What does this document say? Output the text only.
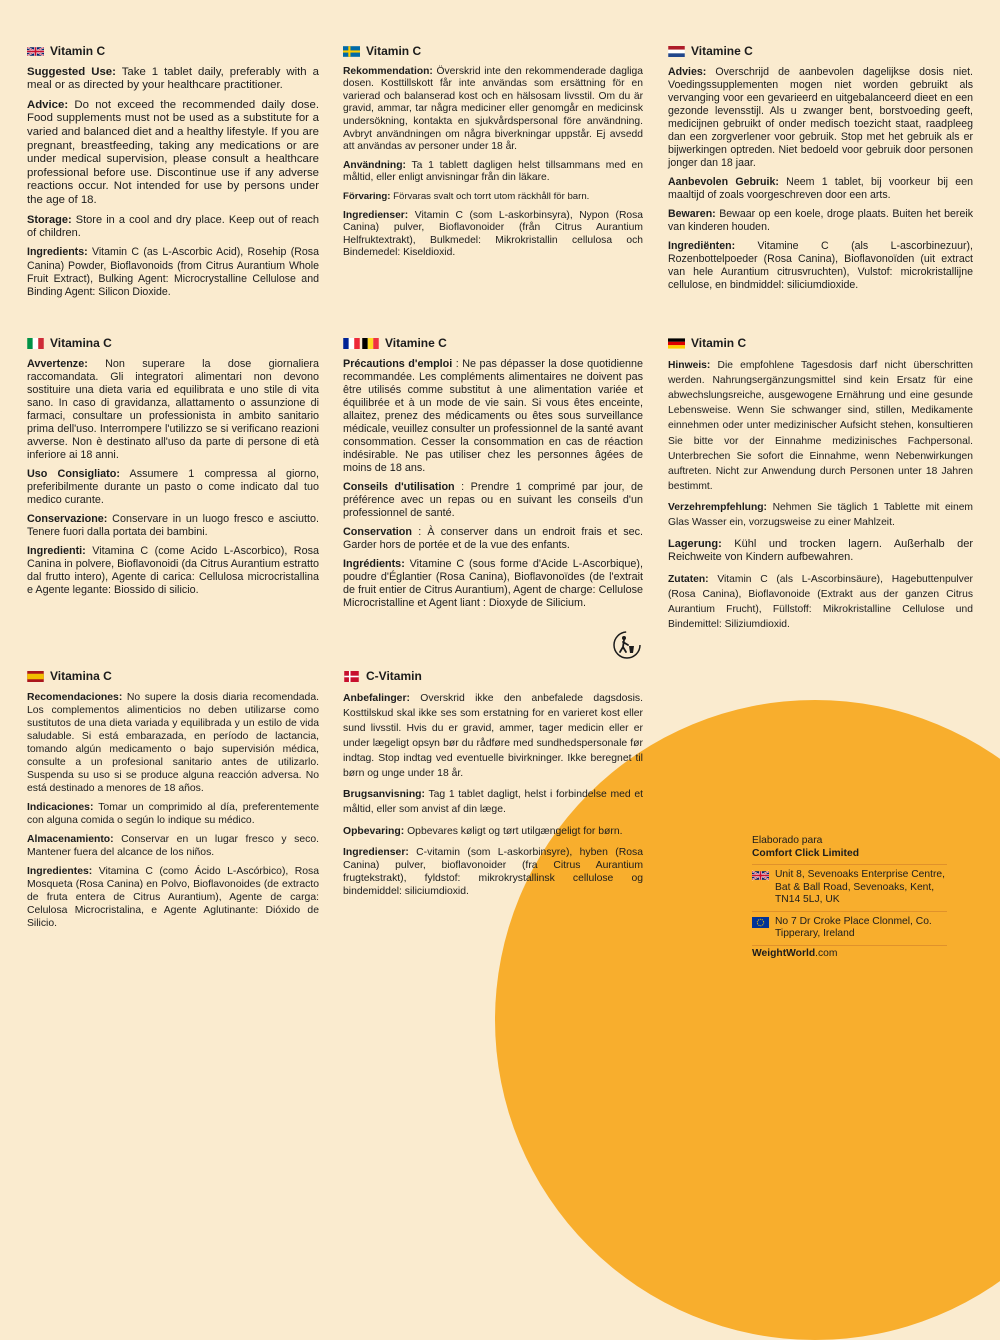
Vitamin C

Suggested Use: Take 1 tablet daily, preferably with a meal or as directed by your healthcare practitioner.

Advice: Do not exceed the recommended daily dose. Food supplements must not be used as a substitute for a varied and balanced diet and a healthy lifestyle. If you are pregnant, breastfeeding, taking any medications or are under medical supervision, please consult a healthcare professional before use. Discontinue use if any adverse reactions occur. Not intended for use by persons under the age of 18.

Storage: Store in a cool and dry place. Keep out of reach of children.

Ingredients: Vitamin C (as L-Ascorbic Acid), Rosehip (Rosa Canina) Powder, Bioflavonoids (from Citrus Aurantium Whole Fruit Extract), Bulking Agent: Microcrystalline Cellulose and Binding Agent: Silicon Dioxide.

Vitamin C

Rekommendation: Överskrid inte den rekommenderade dagliga dosen. Kosttillskott får inte användas som ersättning för en varierad och balanserad kost och en hälsosam livsstil. Om du är gravid, ammar, tar några mediciner eller genomgår en medicinsk undersökning, kontakta en sjukvårdspersonal före användning. Avbryt användningen om några biverkningar uppstår. Ej avsedd att användas av personer under 18 år.

Användning: Ta 1 tablett dagligen helst tillsammans med en måltid, eller enligt anvisningar från din läkare.

Förvaring: Förvaras svalt och torrt utom räckhåll för barn.

Ingredienser: Vitamin C (som L-askorbinsyra), Nypon (Rosa Canina) pulver, Bioflavonoider (från Citrus Aurantium Helfruktextrakt), Bulkmedel: Mikrokristallin cellulosa och Bindemedel: Kiseldioxid.

Vitamine C

Advies: Overschrijd de aanbevolen dagelijkse dosis niet. Voedingssupplementen mogen niet worden gebruikt als vervanging voor een gevarieerd en uitgebalanceerd dieet en een gezonde levensstijl. Als u zwanger bent, borstvoeding geeft, medicijnen gebruikt of onder medisch toezicht staat, raadpleeg dan een zorgverlener voor gebruik. Stop met het gebruik als er bijwerkingen optreden. Niet bedoeld voor gebruik door personen jonger dan 18 jaar.

Aanbevolen Gebruik: Neem 1 tablet, bij voorkeur bij een maaltijd of zoals voorgeschreven door een arts.

Bewaren: Bewaar op een koele, droge plaats. Buiten het bereik van kinderen houden.

Ingrediënten: Vitamine C (als L-ascorbinezuur), Rozenbottelpoeder (Rosa Canina), Bioflavonoïden (uit extract van hele Aurantium citrusvruchten), Vulstof: microkristallijne cellulose, en bindmiddel: siliciumdioxide.

Vitamina C

Avvertenze: Non superare la dose giornaliera raccomandata. Gli integratori alimentari non devono sostituire una dieta varia ed equilibrata e uno stile di vita sano. In caso di gravidanza, allattamento o assunzione di farmaci, consultare un professionista in ambito sanitario prima dell'uso. Interrompere l'utilizzo se si verificano reazioni avverse. Non è destinato all'uso da parte di persone di età inferiore ai 18 anni.

Uso Consigliato: Assumere 1 compressa al giorno, preferibilmente durante un pasto o come indicato dal tuo medico curante.

Conservazione: Conservare in un luogo fresco e asciutto. Tenere fuori dalla portata dei bambini.

Ingredienti: Vitamina C (come Acido L-Ascorbico), Rosa Canina in polvere, Bioflavonoidi (da Citrus Aurantium estratto dal frutto intero), Agente di carica: Cellulosa microcristallina e Agente legante: Biossido di silicio.

Vitamine C

Précautions d'emploi : Ne pas dépasser la dose quotidienne recommandée. Les compléments alimentaires ne doivent pas être utilisés comme substitut à une alimentation variée et équilibrée et à un mode de vie sain. Si vous êtes enceinte, allaitez, prenez des médicaments ou êtes sous surveillance médicale, veuillez consulter un professionnel de la santé avant consommation. Cesser la consommation en cas de réaction indésirable. Ne pas utiliser chez les personnes âgées de moins de 18 ans.

Conseils d'utilisation : Prendre 1 comprimé par jour, de préférence avec un repas ou en suivant les conseils d'un professionnel de santé.

Conservation : À conserver dans un endroit frais et sec. Garder hors de portée et de la vue des enfants.

Ingrédients: Vitamine C (sous forme d'Acide L-Ascorbique), poudre d'Églantier (Rosa Canina), Bioflavonoïdes (de l'extrait de fruit entier de Citrus Aurantium), Agent de charge: Cellulose Microcristalline et Agent liant : Dioxyde de Silicium.

Vitamin C

Hinweis: Die empfohlene Tagesdosis darf nicht überschritten werden. Nahrungsergänzungsmittel sind kein Ersatz für eine abwechslungsreiche, ausgewogene Ernährung und eine gesunde Lebensweise. Wenn Sie schwanger sind, stillen, Medikamente einnehmen oder unter medizinischer Aufsicht stehen, konsultieren Sie bitte vor der Einnahme medizinisches Fachpersonal. Unterbrechen Sie sofort die Einnahme, wenn Nebenwirkungen auftreten. Nicht zur Anwendung durch Personen unter 18 Jahren bestimmt.

Verzehrempfehlung: Nehmen Sie täglich 1 Tablette mit einem Glas Wasser ein, vorzugsweise zu einer Mahlzeit.

Lagerung: Kühl und trocken lagern. Außerhalb der Reichweite von Kindern aufbewahren.

Zutaten: Vitamin C (als L-Ascorbinsäure), Hagebuttenpulver (Rosa Canina), Bioflavonoide (Extrakt aus der ganzen Citrus Aurantium Frucht), Füllstoff: Mikrokristalline Cellulose und Bindemittel: Siliziumdioxid.

Vitamina C

Recomendaciones: No supere la dosis diaria recomendada. Los complementos alimenticios no deben utilizarse como sustitutos de una dieta variada y equilibrada y un estilo de vida saludable. Si está embarazada, en período de lactancia, tomando algún medicamento o bajo supervisión médica, consulte a un profesional sanitario antes de utilizarlo. Suspenda su uso si se produce alguna reacción adversa. No está destinado a menores de 18 años.

Indicaciones: Tomar un comprimido al día, preferentemente con alguna comida o según lo indique su médico.

Almacenamiento: Conservar en un lugar fresco y seco. Mantener fuera del alcance de los niños.

Ingredientes: Vitamina C (como Ácido L-Ascórbico), Rosa Mosqueta (Rosa Canina) en Polvo, Bioflavonoides (de extracto de fruta entera de Citrus Aurantium), Agente de carga: Celulosa Microcristalina, e Agente Aglutinante: Dióxido de Silicio.

C-Vitamin

Anbefalinger: Overskrid ikke den anbefalede dagsdosis. Kosttilskud skal ikke ses som erstatning for en varieret kost eller sund livsstil. Hvis du er gravid, ammer, tager medicin eller er under lægeligt opsyn bør du rådføre med sundhedspersonale før indtag. Stop indtag ved eventuelle bivirkninger. Ikke beregnet til børn og unge under 18 år.

Brugsanvisning: Tag 1 tablet dagligt, helst i forbindelse med et måltid, eller som anvist af din læge.

Opbevaring: Opbevares køligt og tørt utilgængeligt for børn.

Ingredienser: C-vitamin (som L-askorbinsyre), hyben (Rosa Canina) pulver, bioflavonoider (fra Citrus Aurantium frugtekstrakt), fyldstof: mikrokrystallinsk cellulose og bindemiddel: siliciumdioxid.

Elaborado para
Comfort Click Limited
Unit 8, Sevenoaks Enterprise Centre, Bat & Ball Road, Sevenoaks, Kent, TN14 5LJ, UK
No 7 Dr Croke Place Clonmel, Co. Tipperary, Ireland
WeightWorld.com
